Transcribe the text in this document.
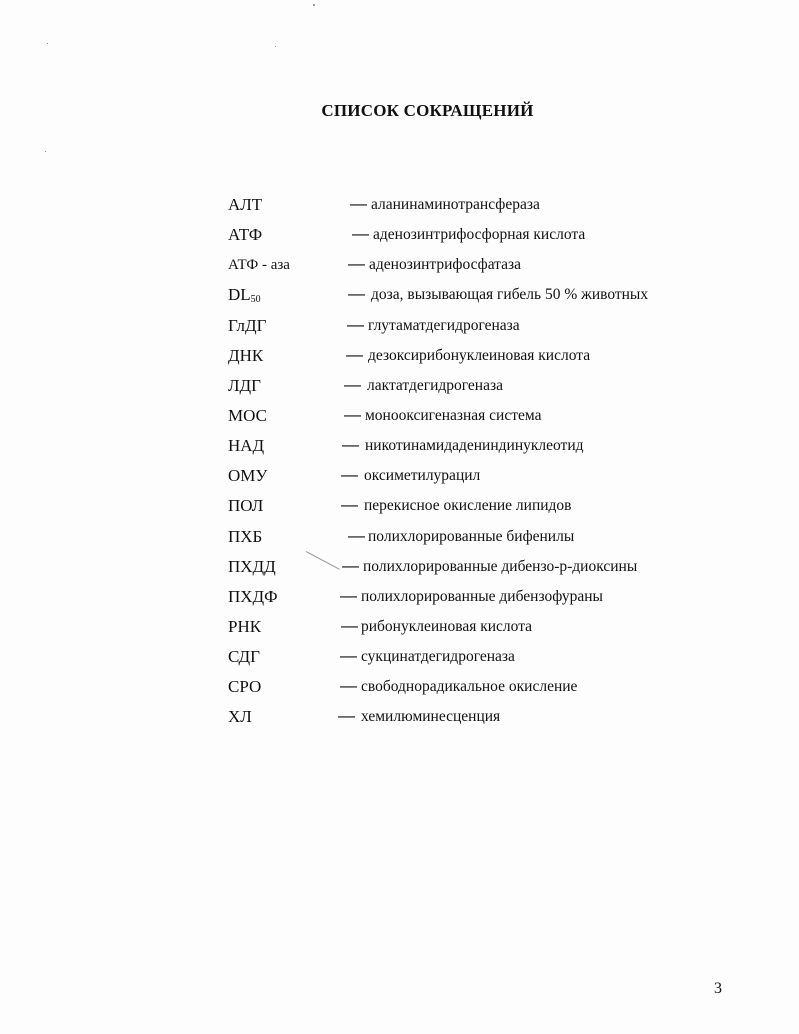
СПИСОК СОКРАЩЕНИЙ
АЛТ	— аланинаминотрансфераза
АТФ	— аденозинтрифосфорная кислота
АТФ - аза	— аденозинтрифосфатаза
$DL_{50}$	— доза, вызывающая гибель 50 % животных
ГлДГ	— глутаматдегидрогеназа
ДНК	— дезоксирибонуклеиновая кислота
ЛДГ	— лактатдегидрогеназа
МОС	— монооксигеназная система
НАД	— никотинамидадениндинуклеотид
ОМУ	— оксиметилурацил
ПОЛ	— перекисное окисление липидов
ПХБ	— полихлорированные бифенилы
ПХДД	— полихлорированные дибензо-р-диоксины
ПХДФ	— полихлорированные дибензофураны
РНК	— рибонуклеиновая кислота
СДГ	— сукцинатдегидрогеназа
СРО	— свободнорадикальное окисление
ХЛ	— хемилюминесценция
3
